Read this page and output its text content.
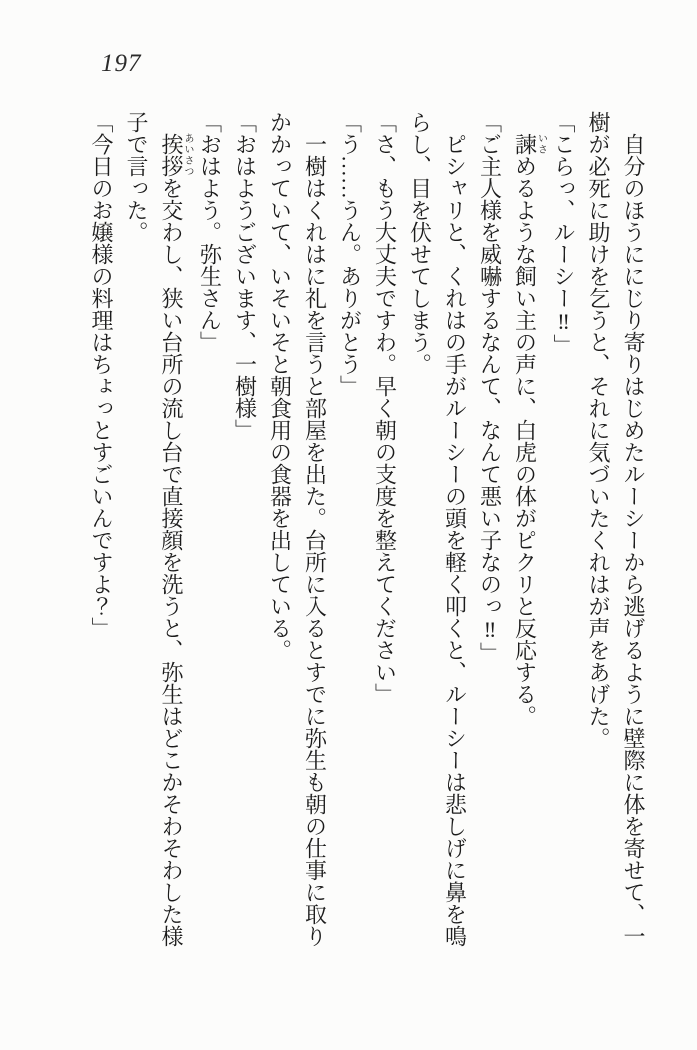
197
　自分のほうににじり寄りはじめたルーシーから逃げるように壁際に体を寄せて、一
樹が必死に助けを乞うと、それに気づいたくれはが声をあげた。
「こらっ、ルーシー‼」
　諫いさめるような飼い主の声に、白虎の体がピクリと反応する。
「ご主人様を威嚇するなんて、なんて悪い子なのっ‼」
　ピシャリと、くれはの手がルーシーの頭を軽く叩くと、ルーシーは悲しげに鼻を鳴
らし、目を伏せてしまう。
「さ、もう大丈夫ですわ。早く朝の支度を整えてください」
「う……うん。ありがとう」
　一樹はくれはに礼を言うと部屋を出た。台所に入るとすでに弥生も朝の仕事に取り
かかっていて、いそいそと朝食用の食器を出している。
「おはようございます、一樹様」
「おはよう。弥生さん」
　挨拶あいさつを交わし、狭い台所の流し台で直接顔を洗うと、弥生はどこかそわそわした様
子で言った。
「今日のお嬢様の料理はちょっとすごいんですよ？」
